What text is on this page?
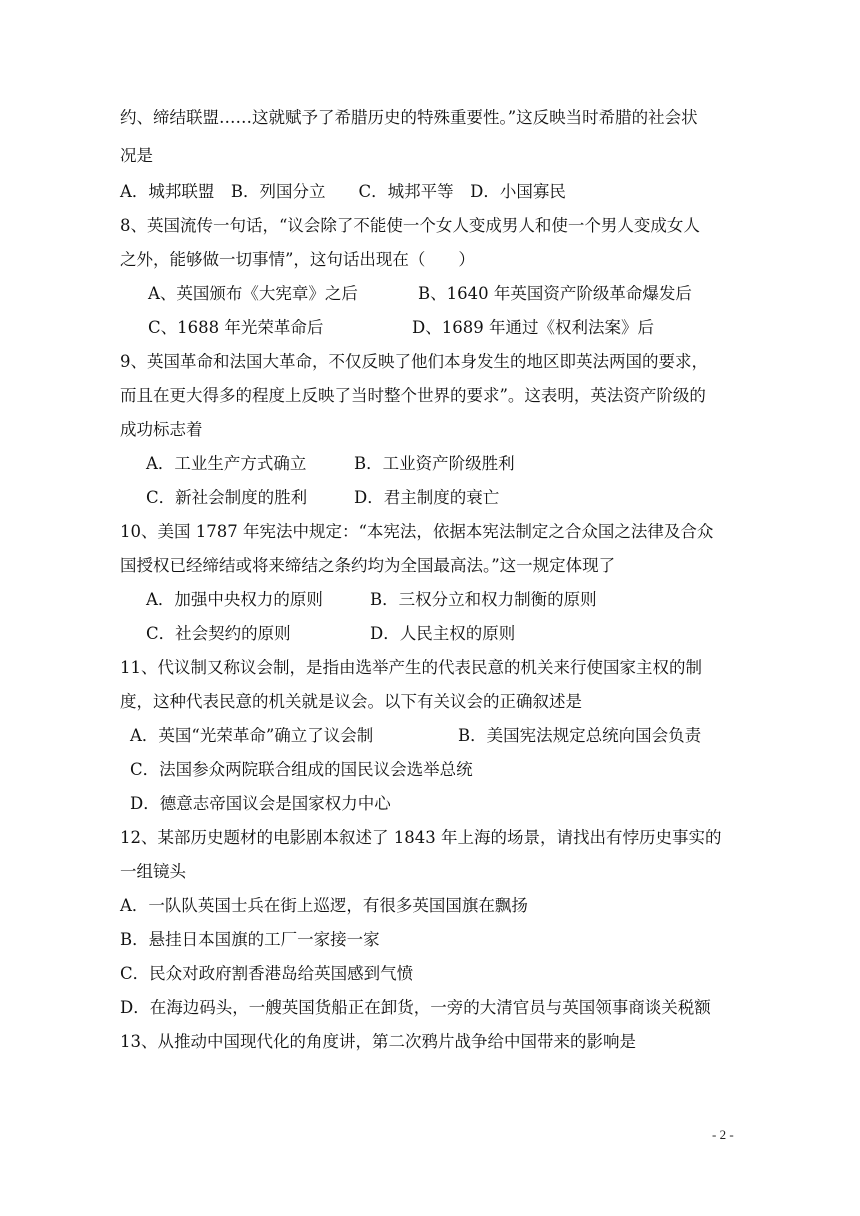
约、缔结联盟……这就赋予了希腊历史的特殊重要性。”这反映当时希腊的社会状
况是
A．城邦联盟　B．列国分立　　C．城邦平等　D．小国寡民
8、英国流传一句话，“议会除了不能使一个女人变成男人和使一个男人变成女人
之外，能够做一切事情”，这句话出现在（　　）
A、英国颁布《大宪章》之后	B、1640 年英国资产阶级革命爆发后
C、1688 年光荣革命后	D、1689 年通过《权利法案》后
9、英国革命和法国大革命，不仅反映了他们本身发生的地区即英法两国的要求，
而且在更大得多的程度上反映了当时整个世界的要求”。这表明，英法资产阶级的
成功标志着
A．工业生产方式确立	B．工业资产阶级胜利
C．新社会制度的胜利	D．君主制度的衰亡
10、美国 1787 年宪法中规定：“本宪法，依据本宪法制定之合众国之法律及合众
国授权已经缔结或将来缔结之条约均为全国最高法。”这一规定体现了
A．加强中央权力的原则	B．三权分立和权力制衡的原则
C．社会契约的原则	D．人民主权的原则
11、代议制又称议会制，是指由选举产生的代表民意的机关来行使国家主权的制
度，这种代表民意的机关就是议会。以下有关议会的正确叙述是
A．英国“光荣革命”确立了议会制	B．美国宪法规定总统向国会负责
C．法国参众两院联合组成的国民议会选举总统
D．德意志帝国议会是国家权力中心
12、某部历史题材的电影剧本叙述了 1843 年上海的场景，请找出有悖历史事实的
一组镜头
A．一队队英国士兵在街上巡逻，有很多英国国旗在飘扬
B．悬挂日本国旗的工厂一家接一家
C．民众对政府割香港岛给英国感到气愤
D．在海边码头，一艘英国货船正在卸货，一旁的大清官员与英国领事商谈关税额
13、从推动中国现代化的角度讲，第二次鸦片战争给中国带来的影响是
- 2 -
